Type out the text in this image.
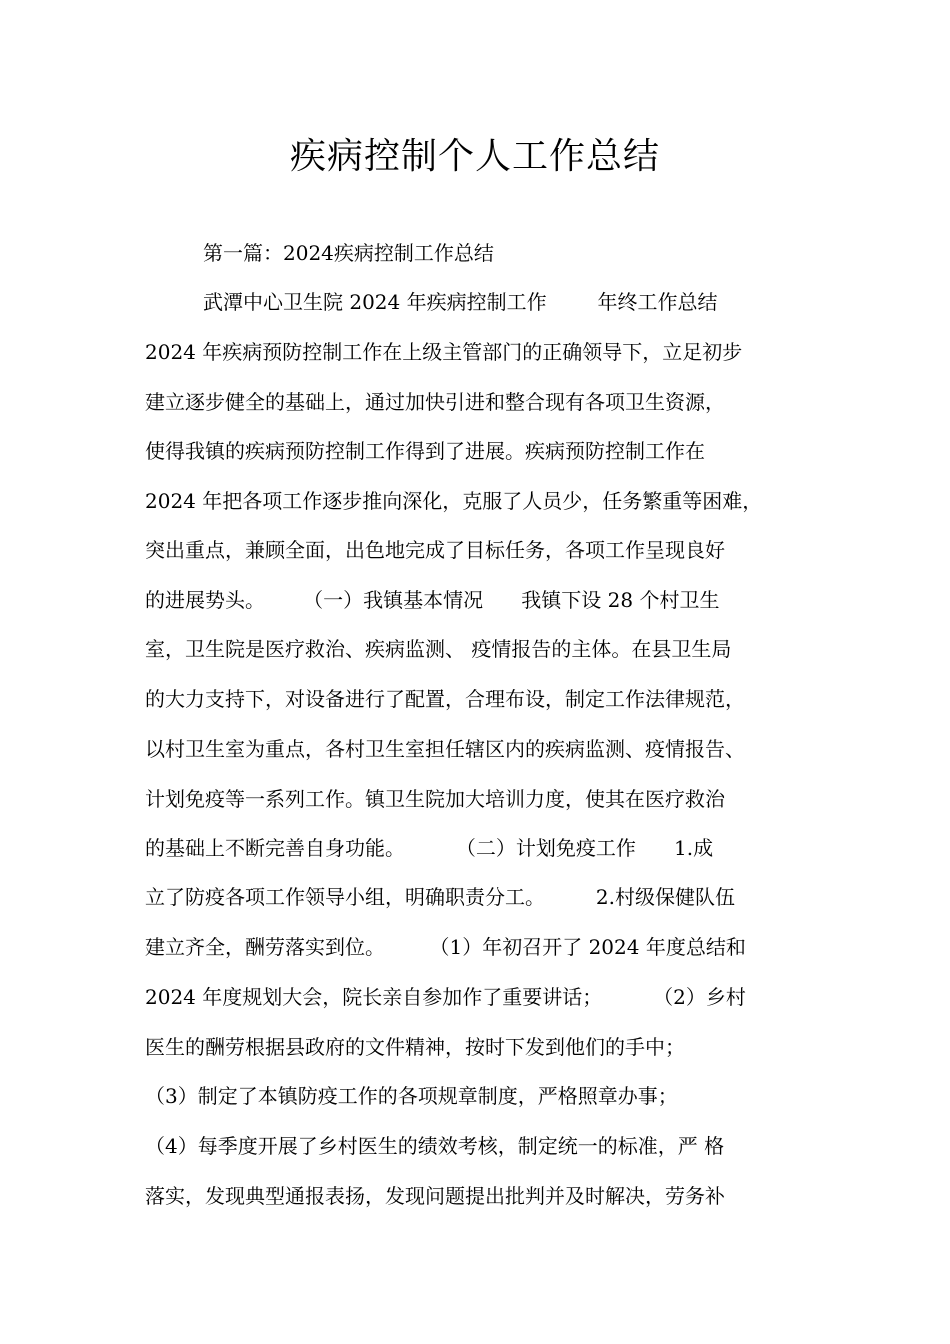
疾病控制个人工作总结
第一篇：2024疾病控制工作总结
武潭中心卫生院 2024 年疾病控制工作        年终工作总结
2024 年疾病预防控制工作在上级主管部门的正确领导下，立足初步
建立逐步健全的基础上，通过加快引进和整合现有各项卫生资源，
使得我镇的疾病预防控制工作得到了进展。疾病预防控制工作在
2024 年把各项工作逐步推向深化，克服了人员少，任务繁重等困难，
突出重点，兼顾全面，出色地完成了目标任务，各项工作呈现良好
的进展势头。      （一）我镇基本情况      我镇下设 28 个村卫生
室，卫生院是医疗救治、疾病监测、 疫情报告的主体。在县卫生局
的大力支持下，对设备进行了配置，合理布设，制定工作法律规范，
以村卫生室为重点，各村卫生室担任辖区内的疾病监测、疫情报告、
计划免疫等一系列工作。镇卫生院加大培训力度，使其在医疗救治
的基础上不断完善自身功能。        （二）计划免疫工作      1.成
立了防疫各项工作领导小组，明确职责分工。        2.村级保健队伍
建立齐全，酬劳落实到位。       （1）年初召开了 2024 年度总结和
2024 年度规划大会，院长亲自参加作了重要讲话；        （2）乡村
医生的酬劳根据县政府的文件精神，按时下发到他们的手中；
（3）制定了本镇防疫工作的各项规章制度，严格照章办事；
（4）每季度开展了乡村医生的绩效考核，制定统一的标准，严 格
落实，发现典型通报表扬，发现问题提出批判并及时解决，劳务补
